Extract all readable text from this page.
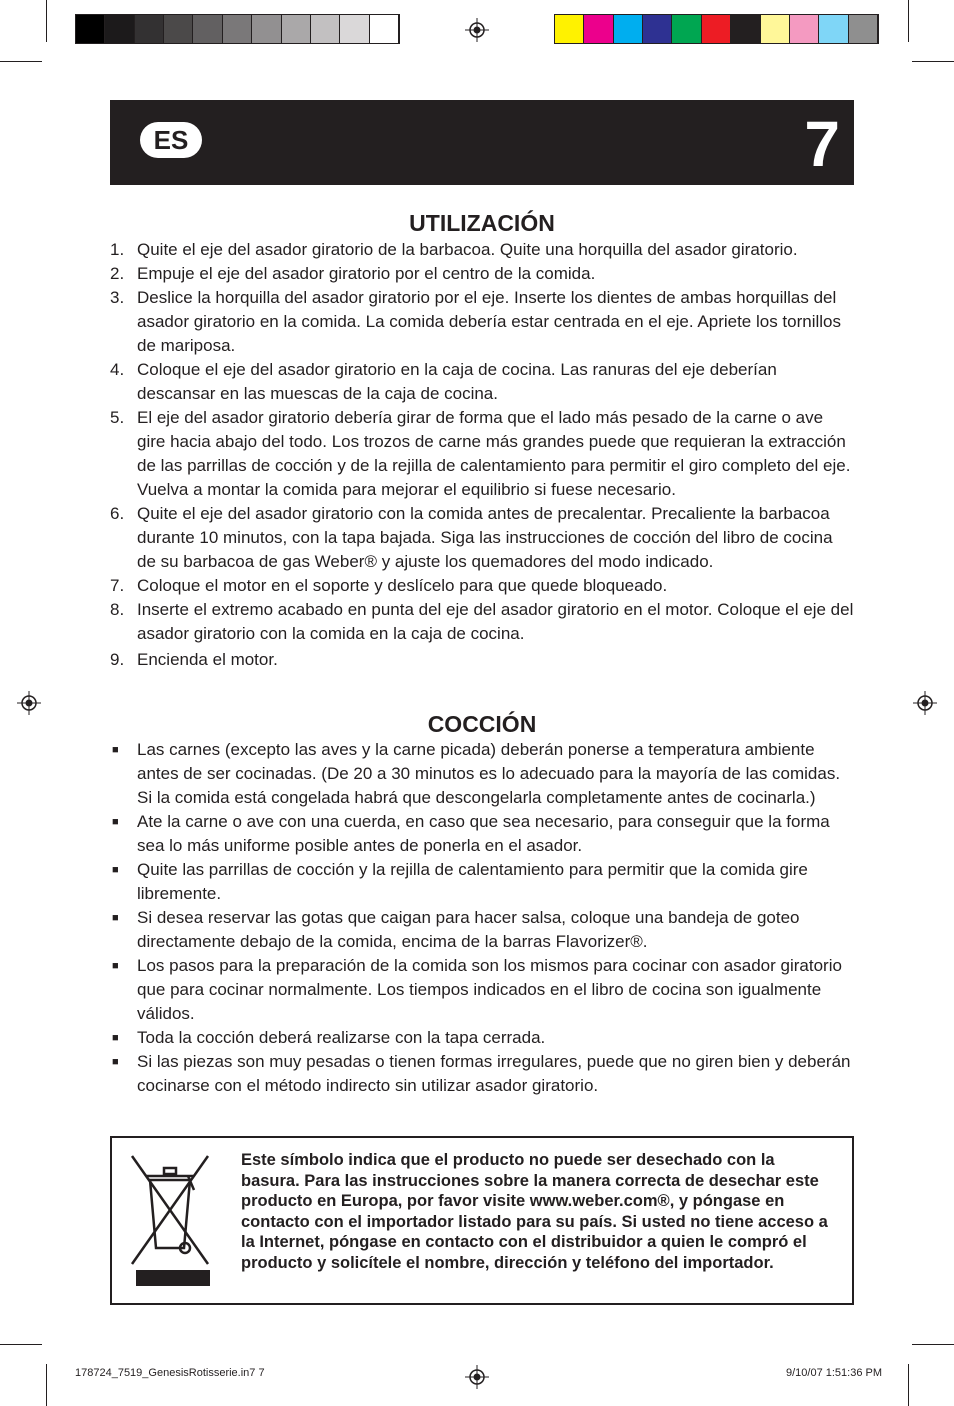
ES	7
UTILIZACIÓN
1. Quite el eje del asador giratorio de la barbacoa. Quite una horquilla del asador giratorio.
2. Empuje el eje del asador giratorio por el centro de la comida.
3. Deslice la horquilla del asador giratorio por el eje. Inserte los dientes de ambas horquillas del asador giratorio en la comida. La comida debería estar centrada en el eje. Apriete los tornillos de mariposa.
4. Coloque el eje del asador giratorio en la caja de cocina. Las ranuras del eje deberían descansar en las muescas de la caja de cocina.
5. El eje del asador giratorio debería girar de forma que el lado más pesado de la carne o ave gire hacia abajo del todo. Los trozos de carne más grandes puede que requieran la extracción de las parrillas de cocción y de la rejilla de calentamiento para permitir el giro completo del eje. Vuelva a montar la comida para mejorar el equilibrio si fuese necesario.
6. Quite el eje del asador giratorio con la comida antes de precalentar. Precaliente la barbacoa durante 10 minutos, con la tapa bajada. Siga las instrucciones de cocción del libro de cocina de su barbacoa de gas Weber® y ajuste los quemadores del modo indicado.
7. Coloque el motor en el soporte y deslícelo para que quede bloqueado.
8. Inserte el extremo acabado en punta del eje del asador giratorio en el motor. Coloque el eje del asador giratorio con la comida en la caja de cocina.
9. Encienda el motor.
COCCIÓN
■ Las carnes (excepto las aves y la carne picada) deberán ponerse a temperatura ambiente antes de ser cocinadas. (De 20 a 30 minutos es lo adecuado para la mayoría de las comidas. Si la comida está congelada habrá que descongelarla completamente antes de cocinarla.)
■ Ate la carne o ave con una cuerda, en caso que sea necesario, para conseguir que la forma sea lo más uniforme posible antes de ponerla en el asador.
■ Quite las parrillas de cocción y la rejilla de calentamiento para permitir que la comida gire libremente.
■ Si desea reservar las gotas que caigan para hacer salsa, coloque una bandeja de goteo directamente debajo de la comida, encima de la barras Flavorizer®.
■ Los pasos para la preparación de la comida son los mismos para cocinar con asador giratorio que para cocinar normalmente. Los tiempos indicados en el libro de cocina son igualmente válidos.
■ Toda la cocción deberá realizarse con la tapa cerrada.
■ Si las piezas son muy pesadas o tienen formas irregulares, puede que no giren bien y deberán cocinarse con el método indirecto sin utilizar asador giratorio.
Este símbolo indica que el producto no puede ser desechado con la basura. Para las instrucciones sobre la manera correcta de desechar este producto en Europa, por favor visite www.weber.com®, y póngase en contacto con el importador listado para su país. Si usted no tiene acceso a la Internet, póngase en contacto con el distribuidor a quien le compró el producto y solicítele el nombre, dirección y teléfono del importador.
178724_7519_GenesisRotisserie.in7 7	9/10/07 1:51:36 PM
